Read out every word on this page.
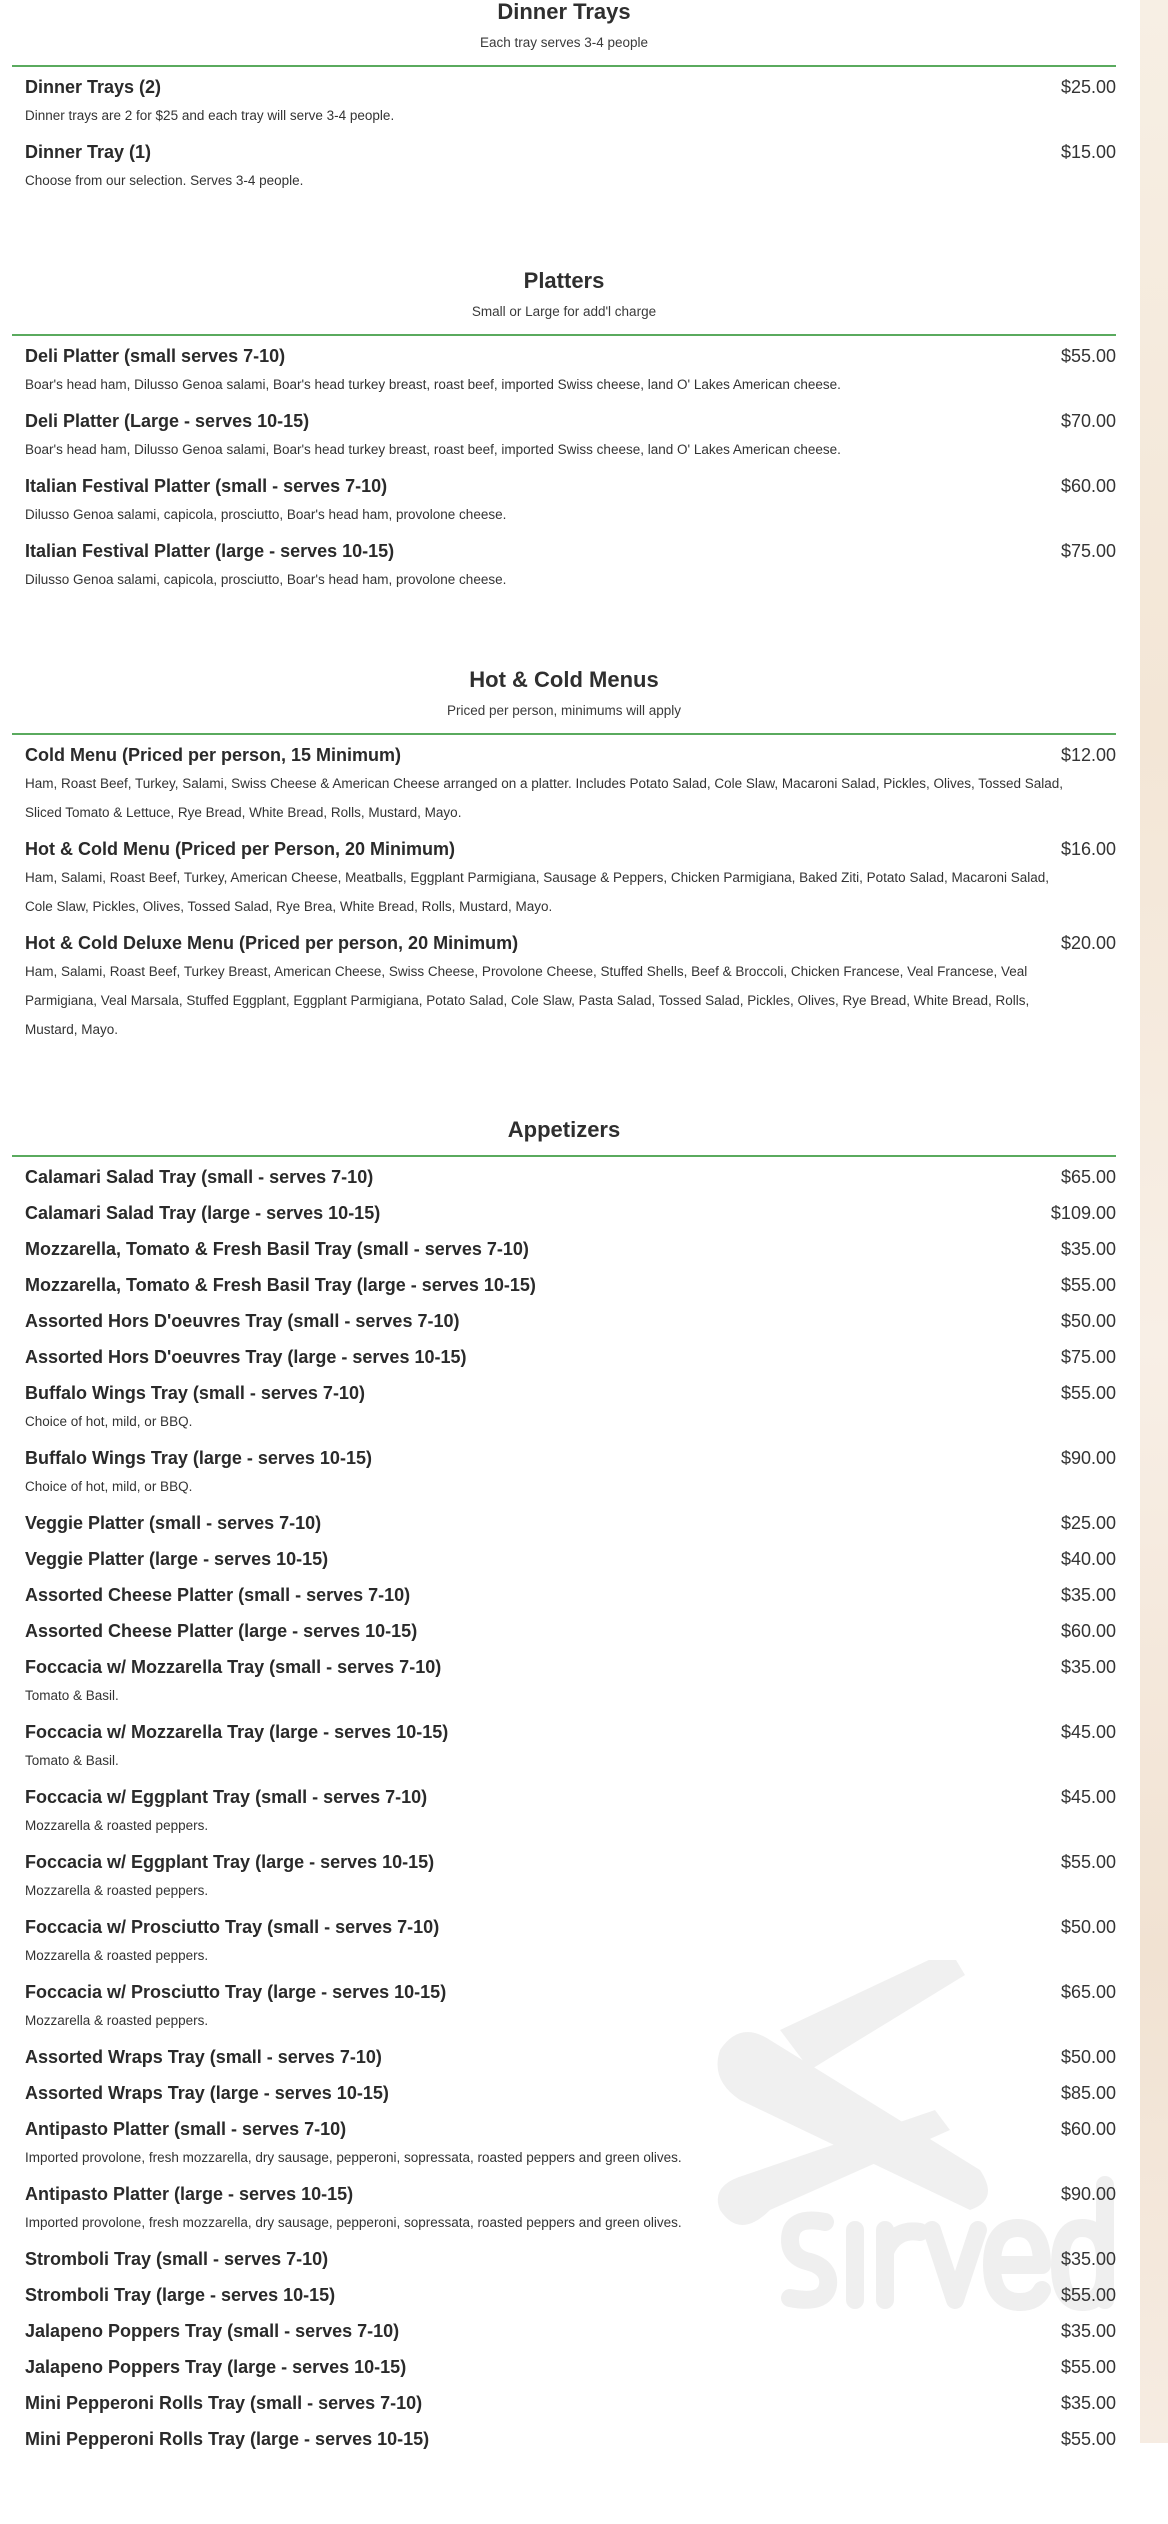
Dinner Trays
Each tray serves 3-4 people
Dinner Trays (2)	$25.00
Dinner trays are 2 for $25 and each tray will serve 3-4 people.
Dinner Tray (1)	$15.00
Choose from our selection. Serves 3-4 people.
Platters
Small or Large for add'l charge
Deli Platter (small serves 7-10)	$55.00
Boar's head ham, Dilusso Genoa salami, Boar's head turkey breast, roast beef, imported Swiss cheese, land O' Lakes American cheese.
Deli Platter (Large - serves 10-15)	$70.00
Boar's head ham, Dilusso Genoa salami, Boar's head turkey breast, roast beef, imported Swiss cheese, land O' Lakes American cheese.
Italian Festival Platter (small - serves 7-10)	$60.00
Dilusso Genoa salami, capicola, prosciutto, Boar's head ham, provolone cheese.
Italian Festival Platter (large - serves 10-15)	$75.00
Dilusso Genoa salami, capicola, prosciutto, Boar's head ham, provolone cheese.
Hot & Cold Menus
Priced per person, minimums will apply
Cold Menu (Priced per person, 15 Minimum)	$12.00
Ham, Roast Beef, Turkey, Salami, Swiss Cheese & American Cheese arranged on a platter. Includes Potato Salad, Cole Slaw, Macaroni Salad, Pickles, Olives, Tossed Salad, Sliced Tomato & Lettuce, Rye Bread, White Bread, Rolls, Mustard, Mayo.
Hot & Cold Menu (Priced per Person, 20 Minimum)	$16.00
Ham, Salami, Roast Beef, Turkey, American Cheese, Meatballs, Eggplant Parmigiana, Sausage & Peppers, Chicken Parmigiana, Baked Ziti, Potato Salad, Macaroni Salad, Cole Slaw, Pickles, Olives, Tossed Salad, Rye Brea, White Bread, Rolls, Mustard, Mayo.
Hot & Cold Deluxe Menu (Priced per person, 20 Minimum)	$20.00
Ham, Salami, Roast Beef, Turkey Breast, American Cheese, Swiss Cheese, Provolone Cheese, Stuffed Shells, Beef & Broccoli, Chicken Francese, Veal Francese, Veal Parmigiana, Veal Marsala, Stuffed Eggplant, Eggplant Parmigiana, Potato Salad, Cole Slaw, Pasta Salad, Tossed Salad, Pickles, Olives, Rye Bread, White Bread, Rolls, Mustard, Mayo.
Appetizers
Calamari Salad Tray (small - serves 7-10)	$65.00
Calamari Salad Tray (large - serves 10-15)	$109.00
Mozzarella, Tomato & Fresh Basil Tray (small - serves 7-10)	$35.00
Mozzarella, Tomato & Fresh Basil Tray (large - serves 10-15)	$55.00
Assorted Hors D'oeuvres Tray (small - serves 7-10)	$50.00
Assorted Hors D'oeuvres Tray (large - serves 10-15)	$75.00
Buffalo Wings Tray (small - serves 7-10)	$55.00
Choice of hot, mild, or BBQ.
Buffalo Wings Tray (large - serves 10-15)	$90.00
Choice of hot, mild, or BBQ.
Veggie Platter (small - serves 7-10)	$25.00
Veggie Platter (large - serves 10-15)	$40.00
Assorted Cheese Platter (small - serves 7-10)	$35.00
Assorted Cheese Platter (large - serves 10-15)	$60.00
Foccacia w/ Mozzarella Tray (small - serves 7-10)	$35.00
Tomato & Basil.
Foccacia w/ Mozzarella Tray (large - serves 10-15)	$45.00
Tomato & Basil.
Foccacia w/ Eggplant Tray (small - serves 7-10)	$45.00
Mozzarella & roasted peppers.
Foccacia w/ Eggplant Tray (large - serves 10-15)	$55.00
Mozzarella & roasted peppers.
Foccacia w/ Prosciutto Tray (small - serves 7-10)	$50.00
Mozzarella & roasted peppers.
Foccacia w/ Prosciutto Tray (large - serves 10-15)	$65.00
Mozzarella & roasted peppers.
Assorted Wraps Tray (small - serves 7-10)	$50.00
Assorted Wraps Tray (large - serves 10-15)	$85.00
Antipasto Platter (small - serves 7-10)	$60.00
Imported provolone, fresh mozzarella, dry sausage, pepperoni, sopressata, roasted peppers and green olives.
Antipasto Platter (large - serves 10-15)	$90.00
Imported provolone, fresh mozzarella, dry sausage, pepperoni, sopressata, roasted peppers and green olives.
Stromboli Tray (small - serves 7-10)	$35.00
Stromboli Tray (large - serves 10-15)	$55.00
Jalapeno Poppers Tray (small - serves 7-10)	$35.00
Jalapeno Poppers Tray (large - serves 10-15)	$55.00
Mini Pepperoni Rolls Tray (small - serves 7-10)	$35.00
Mini Pepperoni Rolls Tray (large - serves 10-15)	$55.00
